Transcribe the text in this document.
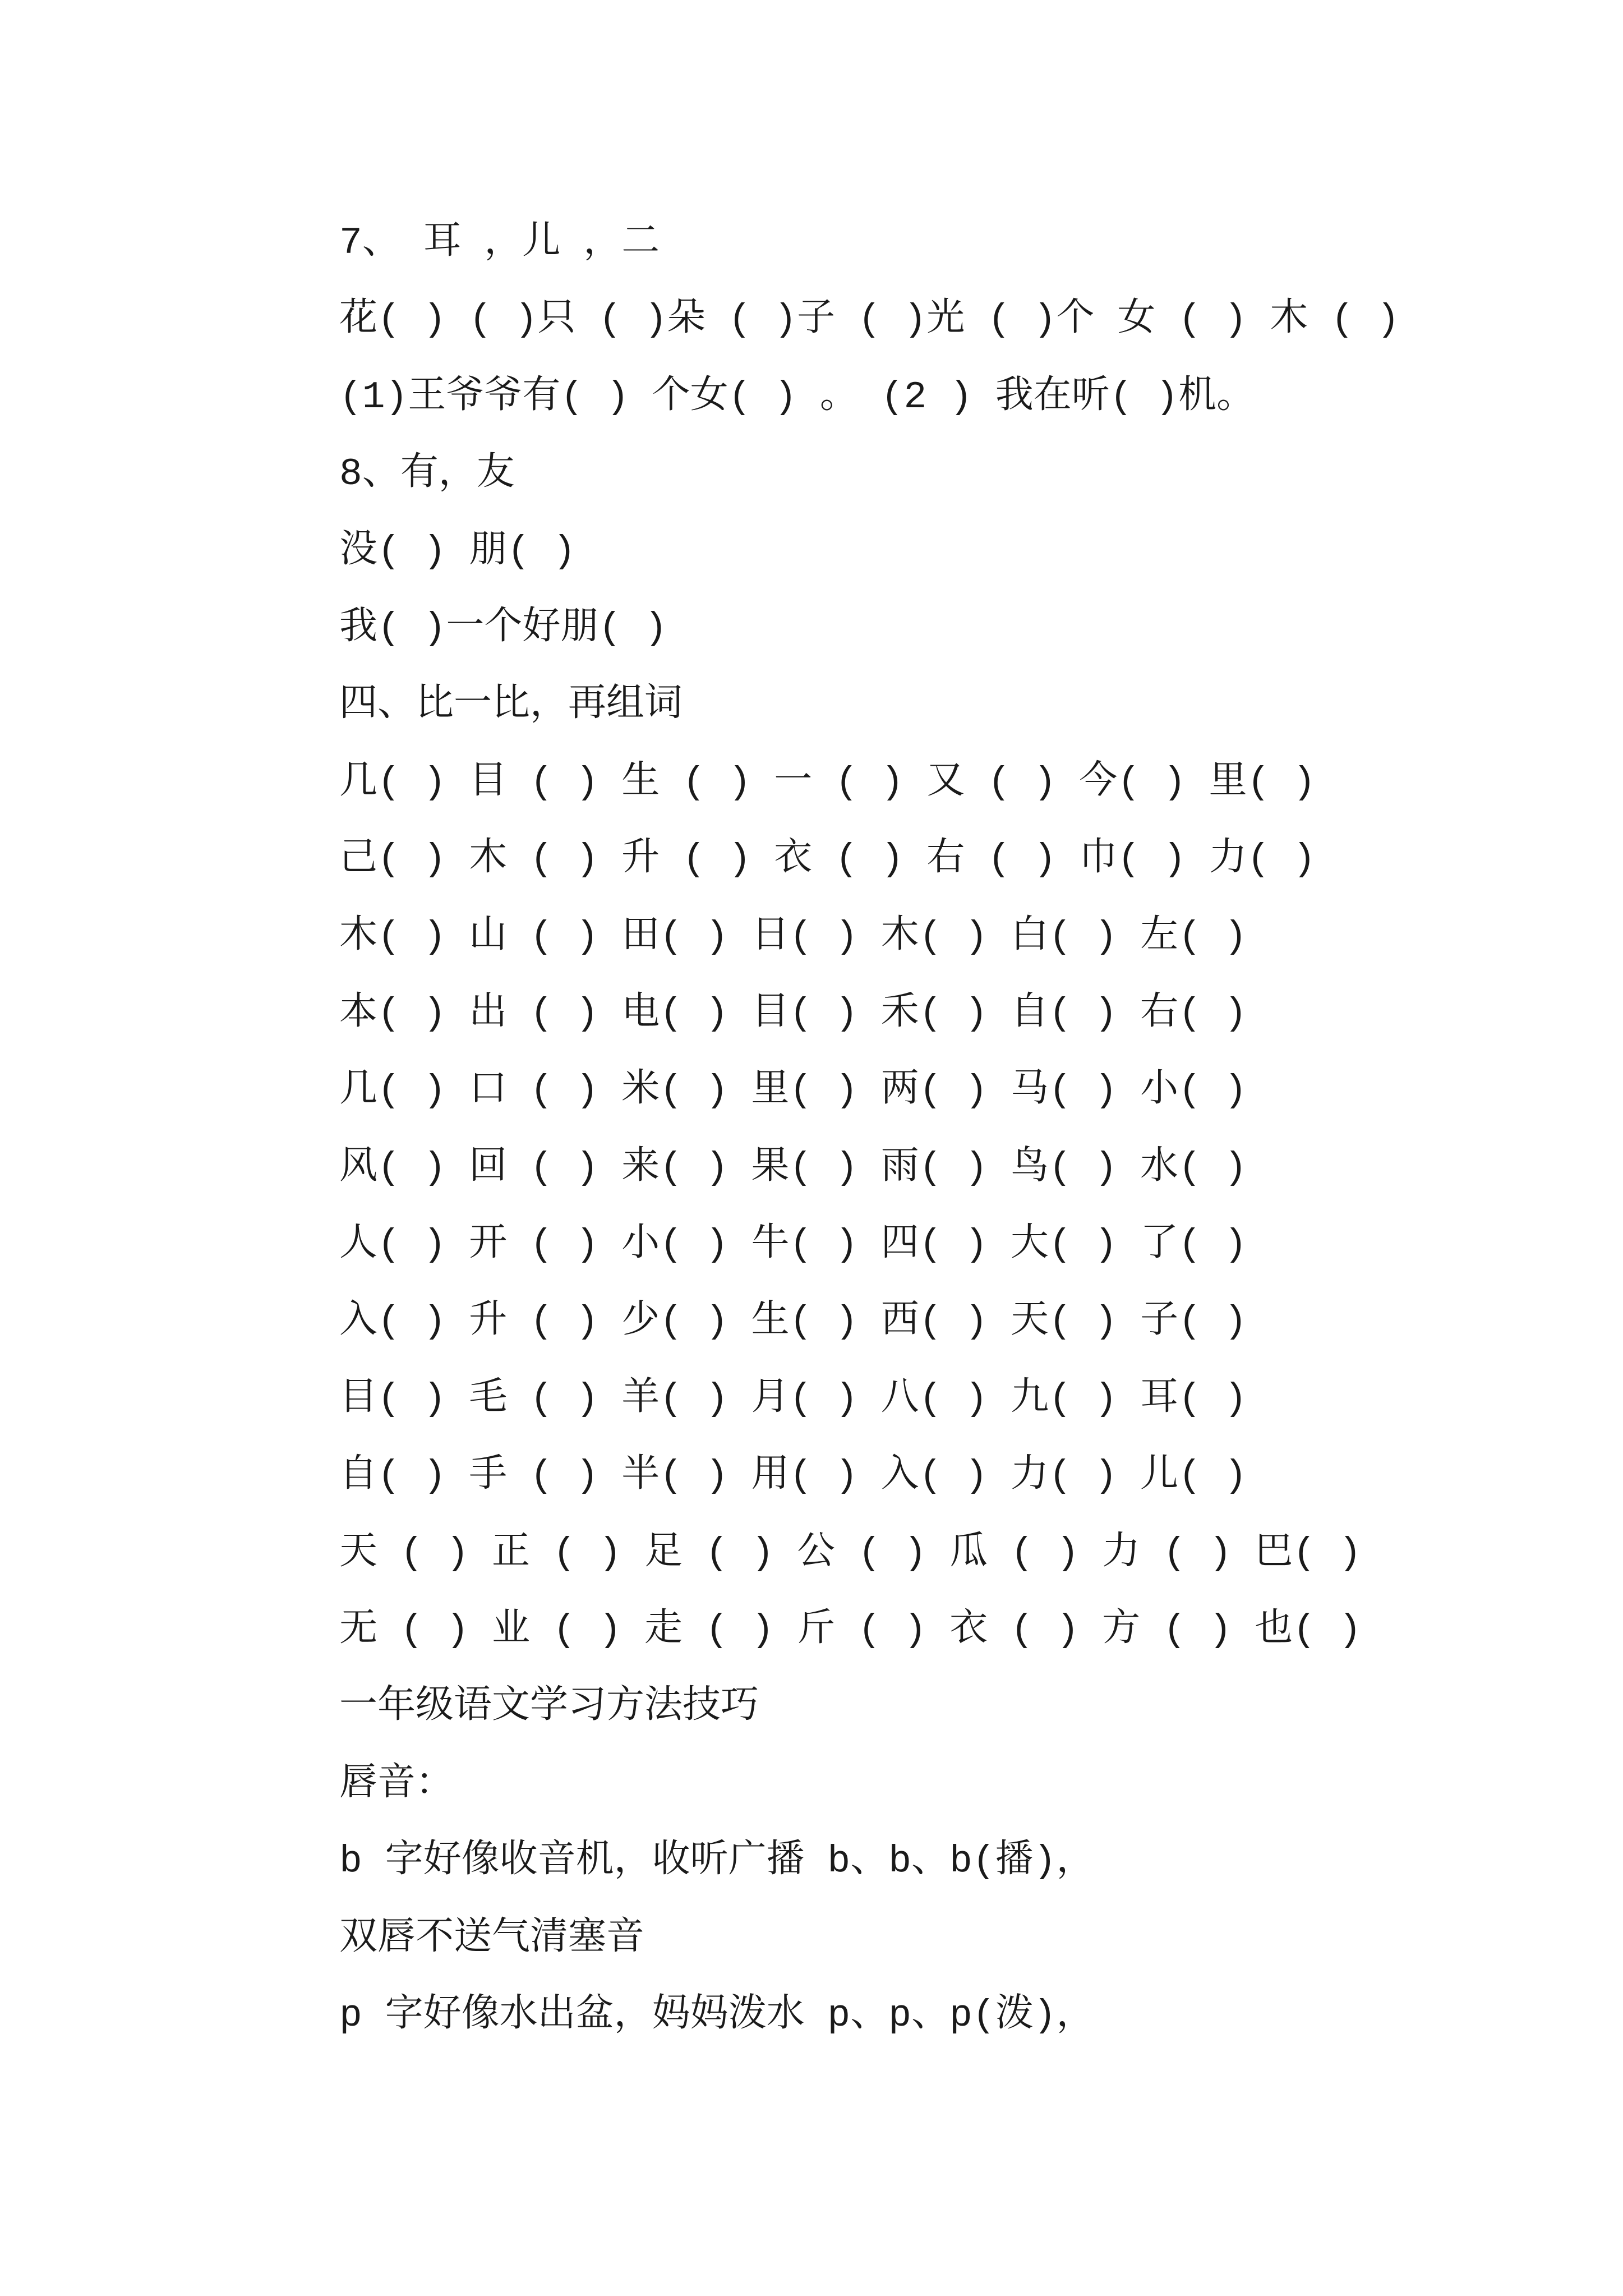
7、 耳 ，儿 ，二
花( ) ( )只 ( )朵 ( )子 ( )光 ( )个 女 ( ) 木 ( )
(1)王爷爷有( ) 个女( ) 。 (2 ) 我在听( )机。
8、有，友
没( ) 朋( )
我( )一个好朋( )
四、比一比，再组词
几( ) 目 ( ) 生 ( ) 一 ( ) 又 ( ) 今( ) 里( )
己( ) 木 ( ) 升 ( ) 衣 ( ) 右 ( ) 巾( ) 力( )
木( ) 山 ( ) 田( ) 日( ) 木( ) 白( ) 左( )
本( ) 出 ( ) 电( ) 目( ) 禾( ) 自( ) 右( )
几( ) 口 ( ) 米( ) 里( ) 两( ) 马( ) 小( )
风( ) 回 ( ) 来( ) 果( ) 雨( ) 鸟( ) 水( )
人( ) 开 ( ) 小( ) 牛( ) 四( ) 大( ) 了( )
入( ) 升 ( ) 少( ) 生( ) 西( ) 天( ) 子( )
目( ) 毛 ( ) 羊( ) 月( ) 八( ) 九( ) 耳( )
自( ) 手 ( ) 半( ) 用( ) 入( ) 力( ) 儿( )
天 ( ) 正 ( ) 足 ( ) 公 ( ) 瓜 ( ) 力 ( ) 巴( )
无 ( ) 业 ( ) 走 ( ) 斤 ( ) 衣 ( ) 方 ( ) 也( )
一年级语文学习方法技巧
唇音：
b 字好像收音机，收听广播 b、b、b(播)，
双唇不送气清塞音
p 字好像水出盆，妈妈泼水 p、p、p(泼)，
